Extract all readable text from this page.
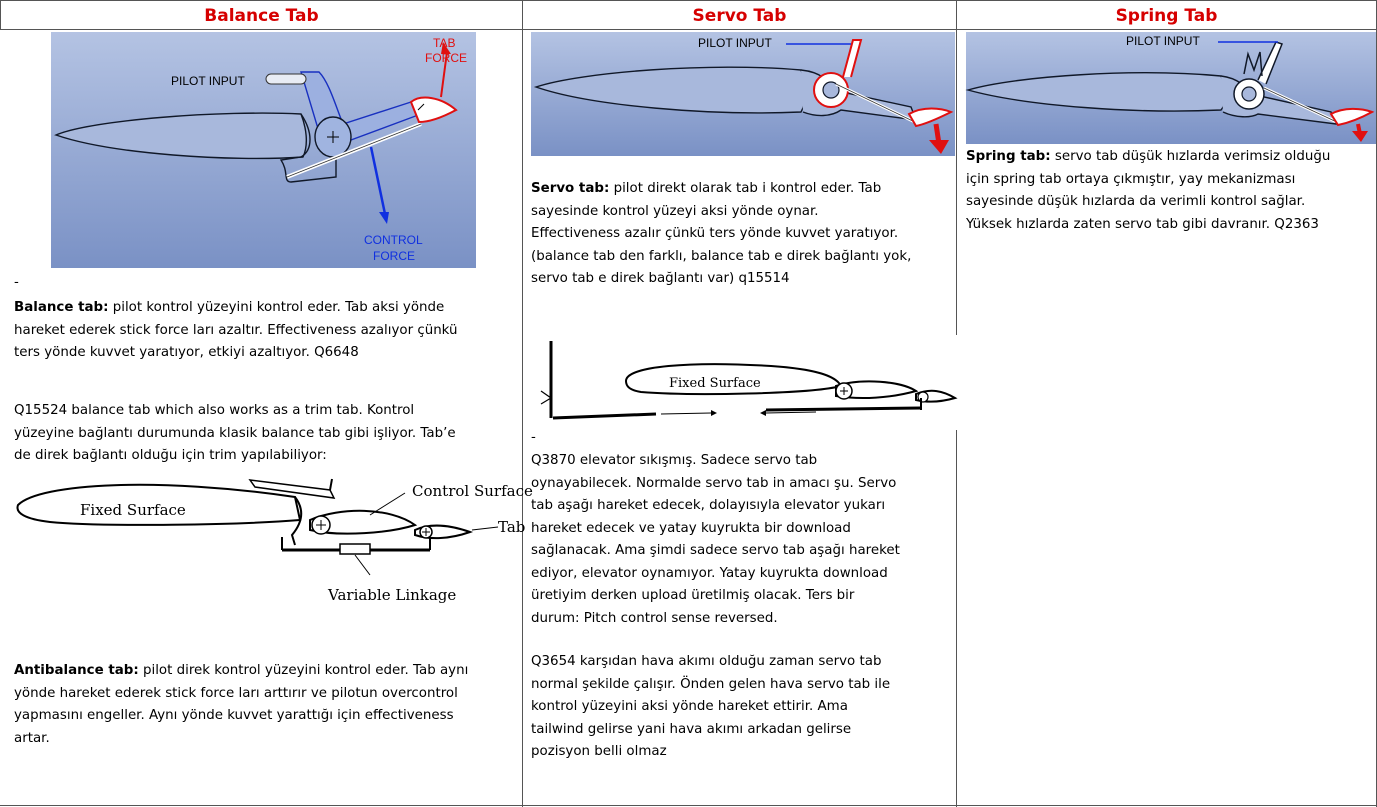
Balance Tab	Servo Tab	Spring Tab
PILOT INPUT
TAB
FORCE
CONTROL
FORCE
-
Balance tab: pilot kontrol yüzeyini kontrol eder. Tab aksi yönde
hareket ederek stick force ları azaltır. Effectiveness azalıyor çünkü
ters yönde kuvvet yaratıyor, etkiyi azaltıyor. Q6648
Q15524 balance tab which also works as a trim tab. Kontrol
yüzeyine bağlantı durumunda klasik balance tab gibi işliyor. Tab’e
de direk bağlantı olduğu için trim yapılabiliyor:
Fixed Surface
Control Surface
Tab
Variable Linkage
Antibalance tab: pilot direk kontrol yüzeyini kontrol eder. Tab aynı
yönde hareket ederek stick force ları arttırır ve pilotun overcontrol
yapmasını engeller. Aynı yönde kuvvet yarattığı için effectiveness
artar.
PILOT INPUT
Servo tab: pilot direkt olarak tab i kontrol eder. Tab
sayesinde kontrol yüzeyi aksi yönde oynar.
Effectiveness azalır çünkü ters yönde kuvvet yaratıyor.
(balance tab den farklı, balance tab e direk bağlantı yok,
servo tab e direk bağlantı var) q15514
Fixed Surface
-
Q3870 elevator sıkışmış. Sadece servo tab
oynayabilecek. Normalde servo tab in amacı şu. Servo
tab aşağı hareket edecek, dolayısıyla elevator yukarı
hareket edecek ve yatay kuyrukta bir download
sağlanacak. Ama şimdi sadece servo tab aşağı hareket
ediyor, elevator oynamıyor. Yatay kuyrukta download
üretiyim derken upload üretilmiş olacak. Ters bir
durum: Pitch control sense reversed.
Q3654 karşıdan hava akımı olduğu zaman servo tab
normal şekilde çalışır. Önden gelen hava servo tab ile
kontrol yüzeyini aksi yönde hareket ettirir. Ama
tailwind gelirse yani hava akımı arkadan gelirse
pozisyon belli olmaz
PILOT INPUT
Spring tab: servo tab düşük hızlarda verimsiz olduğu
için spring tab ortaya çıkmıştır, yay mekanizması
sayesinde düşük hızlarda da verimli kontrol sağlar.
Yüksek hızlarda zaten servo tab gibi davranır. Q2363
